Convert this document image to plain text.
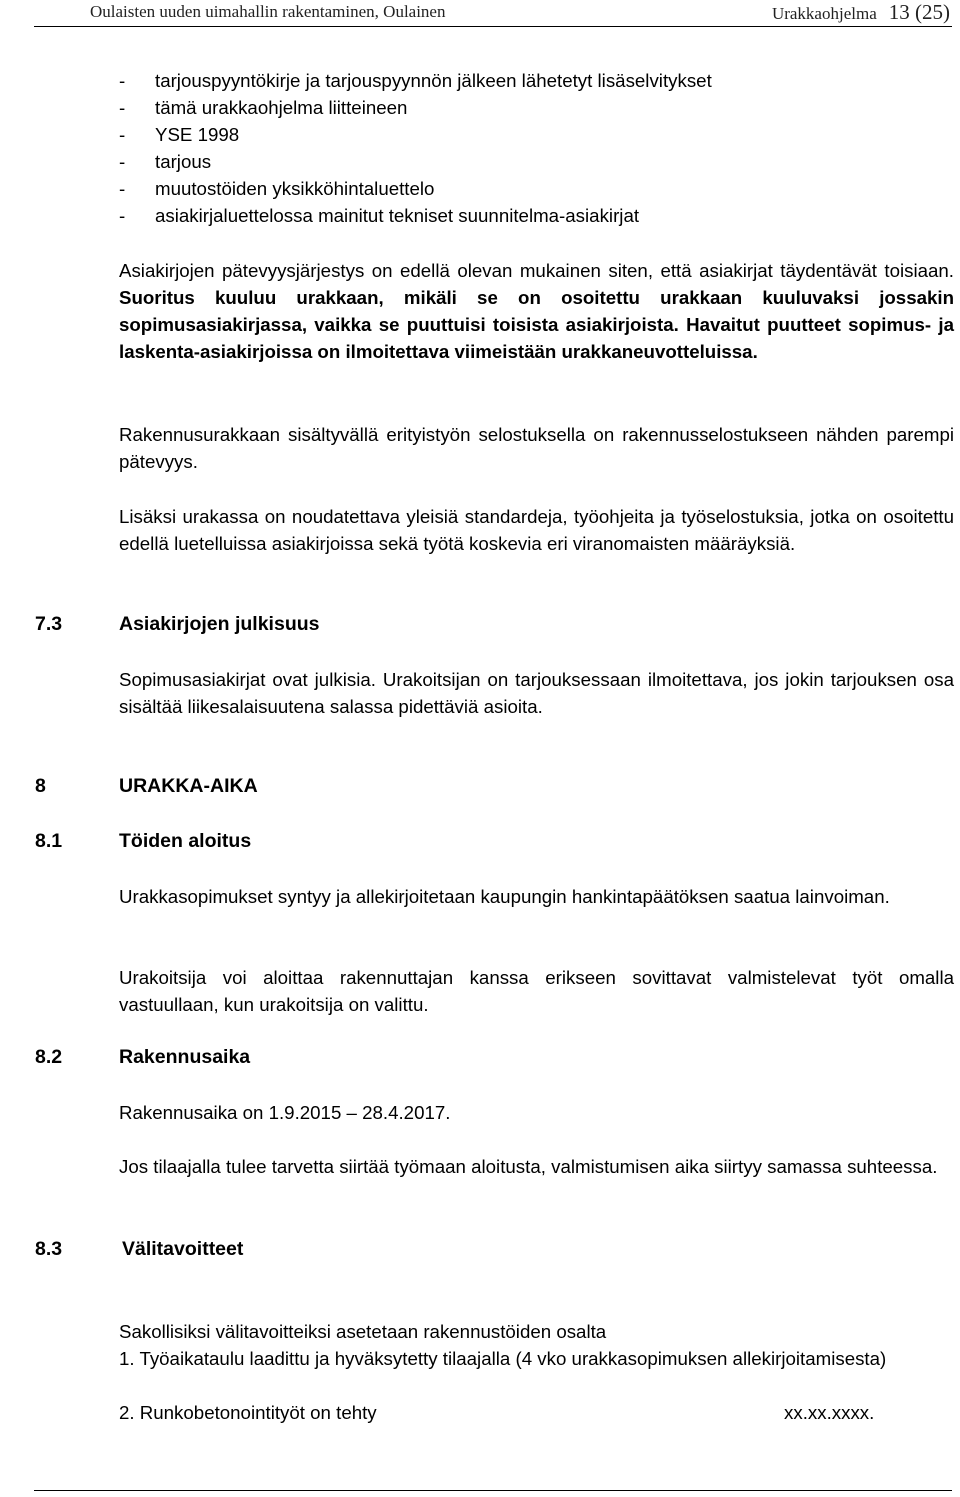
Oulaisten uuden uimahallin rakentaminen, Oulainen	Urakkaohjelma 13 (25)
- tarjouspyyntökirje ja tarjouspyynnön jälkeen lähetetyt lisäselvitykset
- tämä urakkaohjelma liitteineen
- YSE 1998
- tarjous
- muutostöiden yksikköhintaluettelo
- asiakirjaluettelossa mainitut tekniset suunnitelma-asiakirjat
Asiakirjojen pätevyysjärjestys on edellä olevan mukainen siten, että asiakirjat täydentävät toisiaan. Suoritus kuuluu urakkaan, mikäli se on osoitettu urakkaan kuuluvaksi jossakin sopimusasiakirjassa, vaikka se puuttuisi toisista asiakirjoista. Havaitut puutteet sopimus- ja laskenta-asiakirjoissa on ilmoitettava viimeistään urakkaneuvotteluissa.
Rakennusurakkaan sisältyvällä erityistyön selostuksella on rakennusselostukseen nähden parempi pätevyys.
Lisäksi urakassa on noudatettava yleisiä standardeja, työohjeita ja työselostuksia, jotka on osoitettu edellä luetelluissa asiakirjoissa sekä työtä koskevia eri viranomaisten määräyksiä.
7.3	Asiakirjojen julkisuus
Sopimusasiakirjat ovat julkisia. Urakoitsijan on tarjouksessaan ilmoitettava, jos jokin tarjouksen osa sisältää liikesalaisuutena salassa pidettäviä asioita.
8	URAKKA-AIKA
8.1	Töiden aloitus
Urakkasopimukset syntyy ja allekirjoitetaan kaupungin hankintapäätöksen saatua lainvoiman.
Urakoitsija voi aloittaa rakennuttajan kanssa erikseen sovittavat valmistelevat työt omalla vastuullaan, kun urakoitsija on valittu.
8.2	Rakennusaika
Rakennusaika on 1.9.2015 – 28.4.2017.
Jos tilaajalla tulee tarvetta siirtää työmaan aloitusta, valmistumisen aika siirtyy samassa suhteessa.
8.3	Välitavoitteet
Sakollisiksi välitavoitteiksi asetetaan rakennustöiden osalta
1. Työaikataulu laadittu ja hyväksytetty tilaajalla (4 vko urakkasopimuksen allekirjoitamisesta)
2. Runkobetonointityöt on tehty	xx.xx.xxxx.
